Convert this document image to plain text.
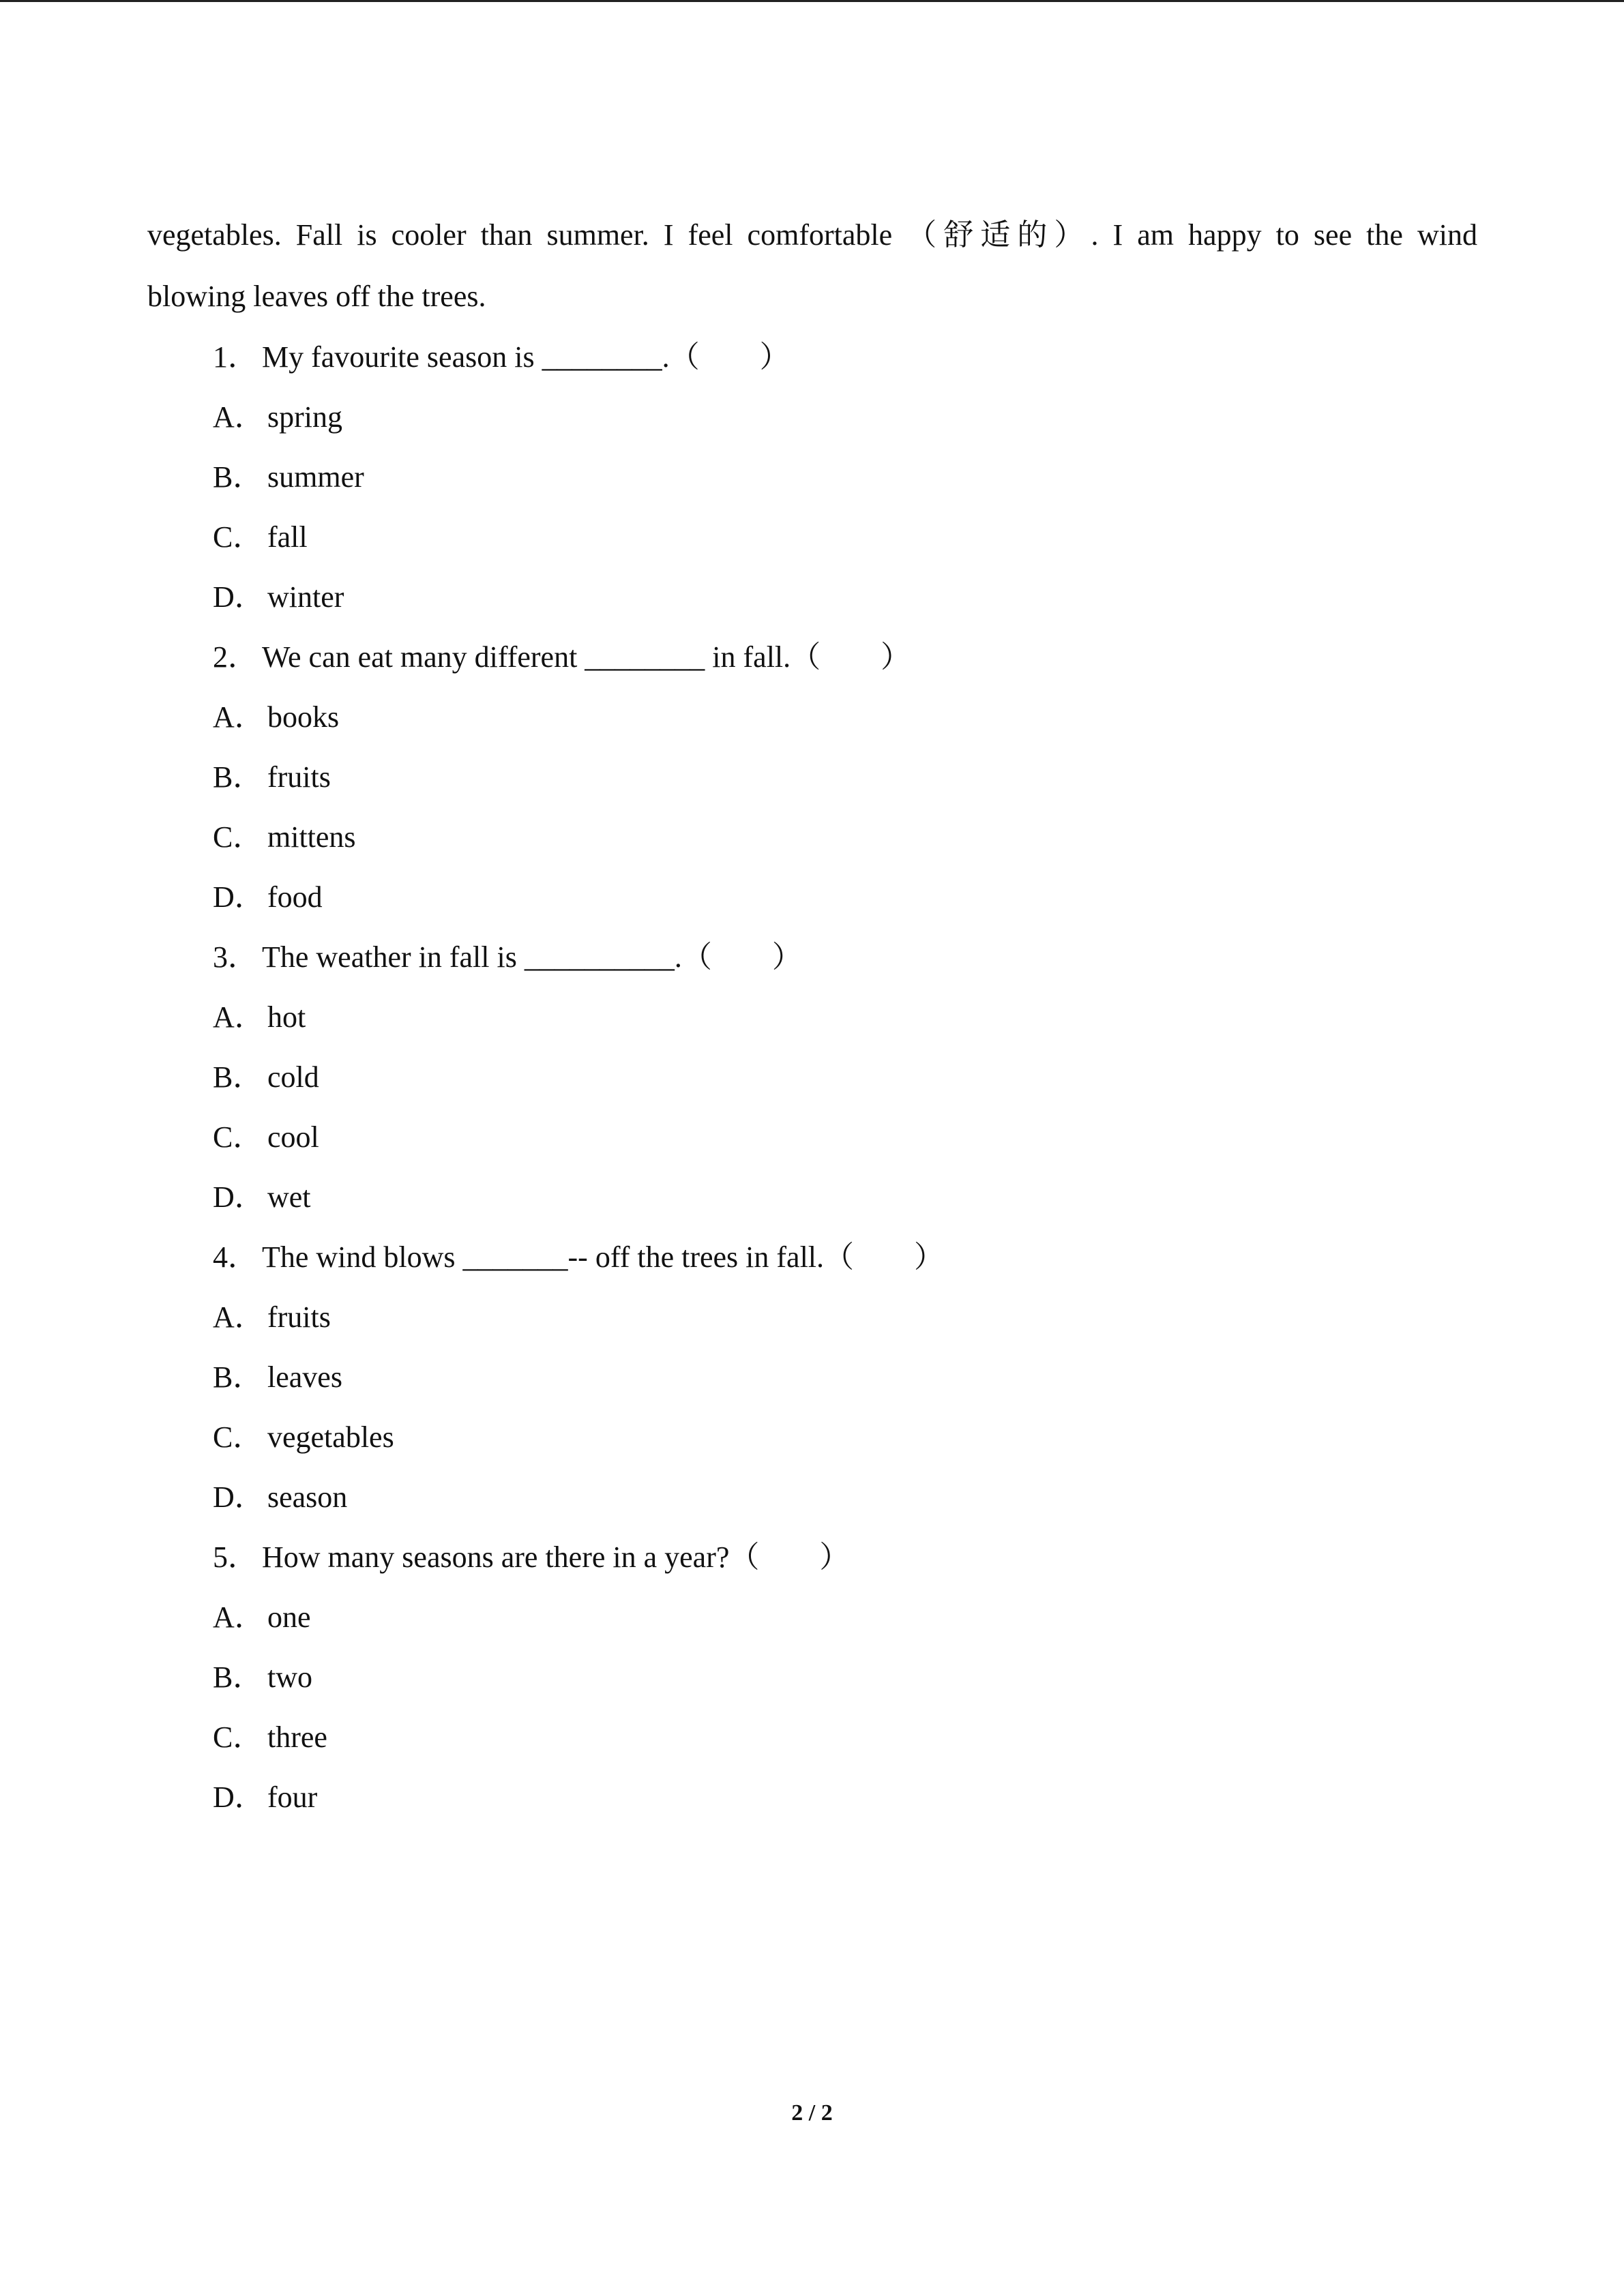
vegetables. Fall is cooler than summer. I feel comfortable （舒适的）. I am happy to see the wind
blowing leaves off the trees.
1． My favourite season is ________.（　　）
A．spring
B． summer
C． fall
D．winter
2． We can eat many different ________ in fall.（　　）
A．books
B． fruits
C． mittens
D．food
3． The weather in fall is __________.（　　）
A．hot
B． cold
C． cool
D．wet
4． The wind blows _______-- off the trees in fall.（　　）
A．fruits
B． leaves
C． vegetables
D．season
5． How many seasons are there in a year?（　　）
A．one
B． two
C． three
D．four
2 / 2
